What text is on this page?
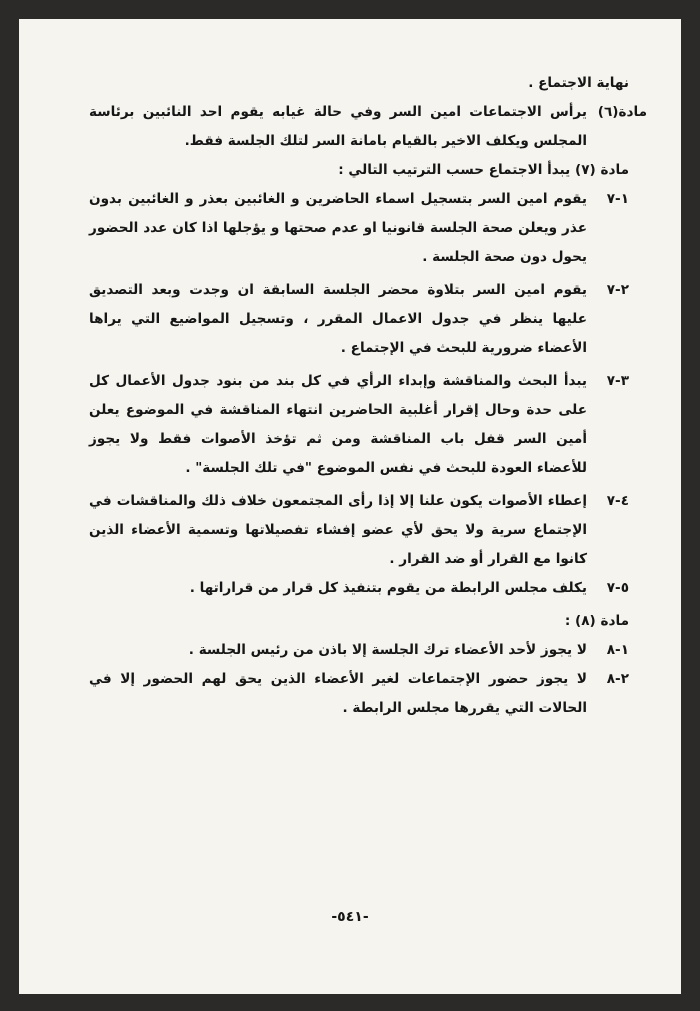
نهاية الاجتماع .

مادة(٦)
يرأس الاجتماعات امين السر وفي حالة غيابه يقوم احد النائبين برئاسة المجلس ويكلف الاخير بالقيام بامانة السر لتلك الجلسة فقط.

مادة (٧) يبدأ الاجتماع حسب الترتيب التالي :

١-٧
يقوم امين السر بتسجيل اسماء الحاضرين و الغائبين بعذر و الغائبين بدون عذر ويعلن صحة الجلسة قانونيا او عدم صحتها و يؤجلها اذا كان عدد الحضور يحول دون صحة الجلسة .
٢-٧
يقوم امين السر بتلاوة محضر الجلسة السابقة ان وجدت وبعد التصديق عليها ينظر في جدول الاعمال المقرر ، وتسجيل المواضيع التي يراها الأعضاء ضرورية للبحث في الإجتماع .
٣-٧
يبدأ البحث والمناقشة وإبداء الرأي في كل بند من بنود جدول الأعمال كل على حدة وحال إقرار أغلبية الحاضرين انتهاء المناقشة في الموضوع يعلن أمين السر قفل باب المناقشة ومن ثم تؤخذ الأصوات فقط ولا يجوز للأعضاء العودة للبحث في نفس الموضوع "في تلك الجلسة" .
٤-٧
إعطاء الأصوات يكون علنا إلا إذا رأى المجتمعون خلاف ذلك والمناقشات في الإجتماع سرية ولا يحق لأي عضو إفشاء تفصيلاتها وتسمية الأعضاء الذين كانوا مع القرار أو ضد القرار .
٥-٧
يكلف مجلس الرابطة من يقوم بتنفيذ كل قرار من قراراتها .

مادة (٨) :

١-٨
لا يجوز لأحد الأعضاء ترك الجلسة إلا باذن من رئيس الجلسة .
٢-٨
لا يجوز حضور الإجتماعات لغير الأعضاء الذين يحق لهم الحضور إلا في الحالات التي يقررها مجلس الرابطة .
-٥٤١-
